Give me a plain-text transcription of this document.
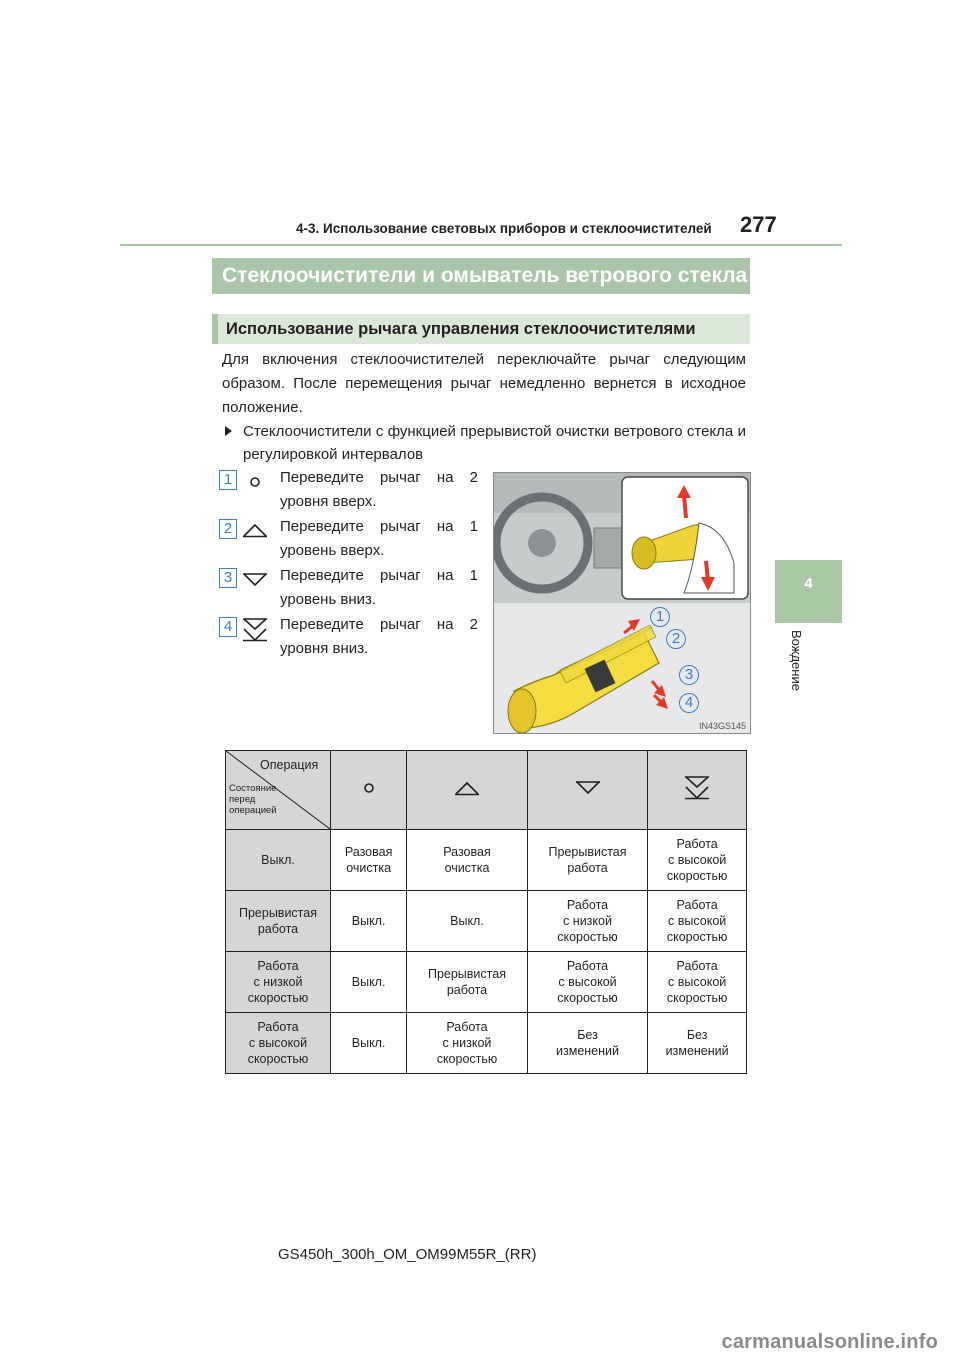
4-3. Использование световых приборов и стеклоочистителей 277
4
Вождение
Стеклоочистители и омыватель ветрового стекла
Использование рычага управления стеклоочистителями
Для включения стеклоочистителей переключайте рычаг следующим образом. После перемещения рычаг немедленно вернется в исходное положение.
Стеклоочистители с функцией прерывистой очистки ветрового стекла и регулировкой интервалов
1	Переведите рычаг на 2
уровня вверх.
2	Переведите рычаг на 1
уровень вверх.
3	Переведите рычаг на 1
уровень вниз.
4	Переведите рычаг на 2
уровня вниз.
1
2
3
4
IN43GS145
Операция
Состояние
перед
операцией

Выкл.	Разовая
очистка	Разовая
очистка	Прерывистая
работа	Работа
с высокой
скоростью

Прерывистая
работа	Выкл.	Выкл.	Работа
с низкой
скоростью	Работа
с высокой
скоростью

Работа
с низкой
скоростью	Выкл.	Прерывистая
работа	Работа
с высокой
скоростью	Работа
с высокой
скоростью

Работа
с высокой
скоростью	Выкл.	Работа
с низкой
скоростью	Без
изменений	Без
изменений
GS450h_300h_OM_OM99M55R_(RR)
carmanualsonline.info
